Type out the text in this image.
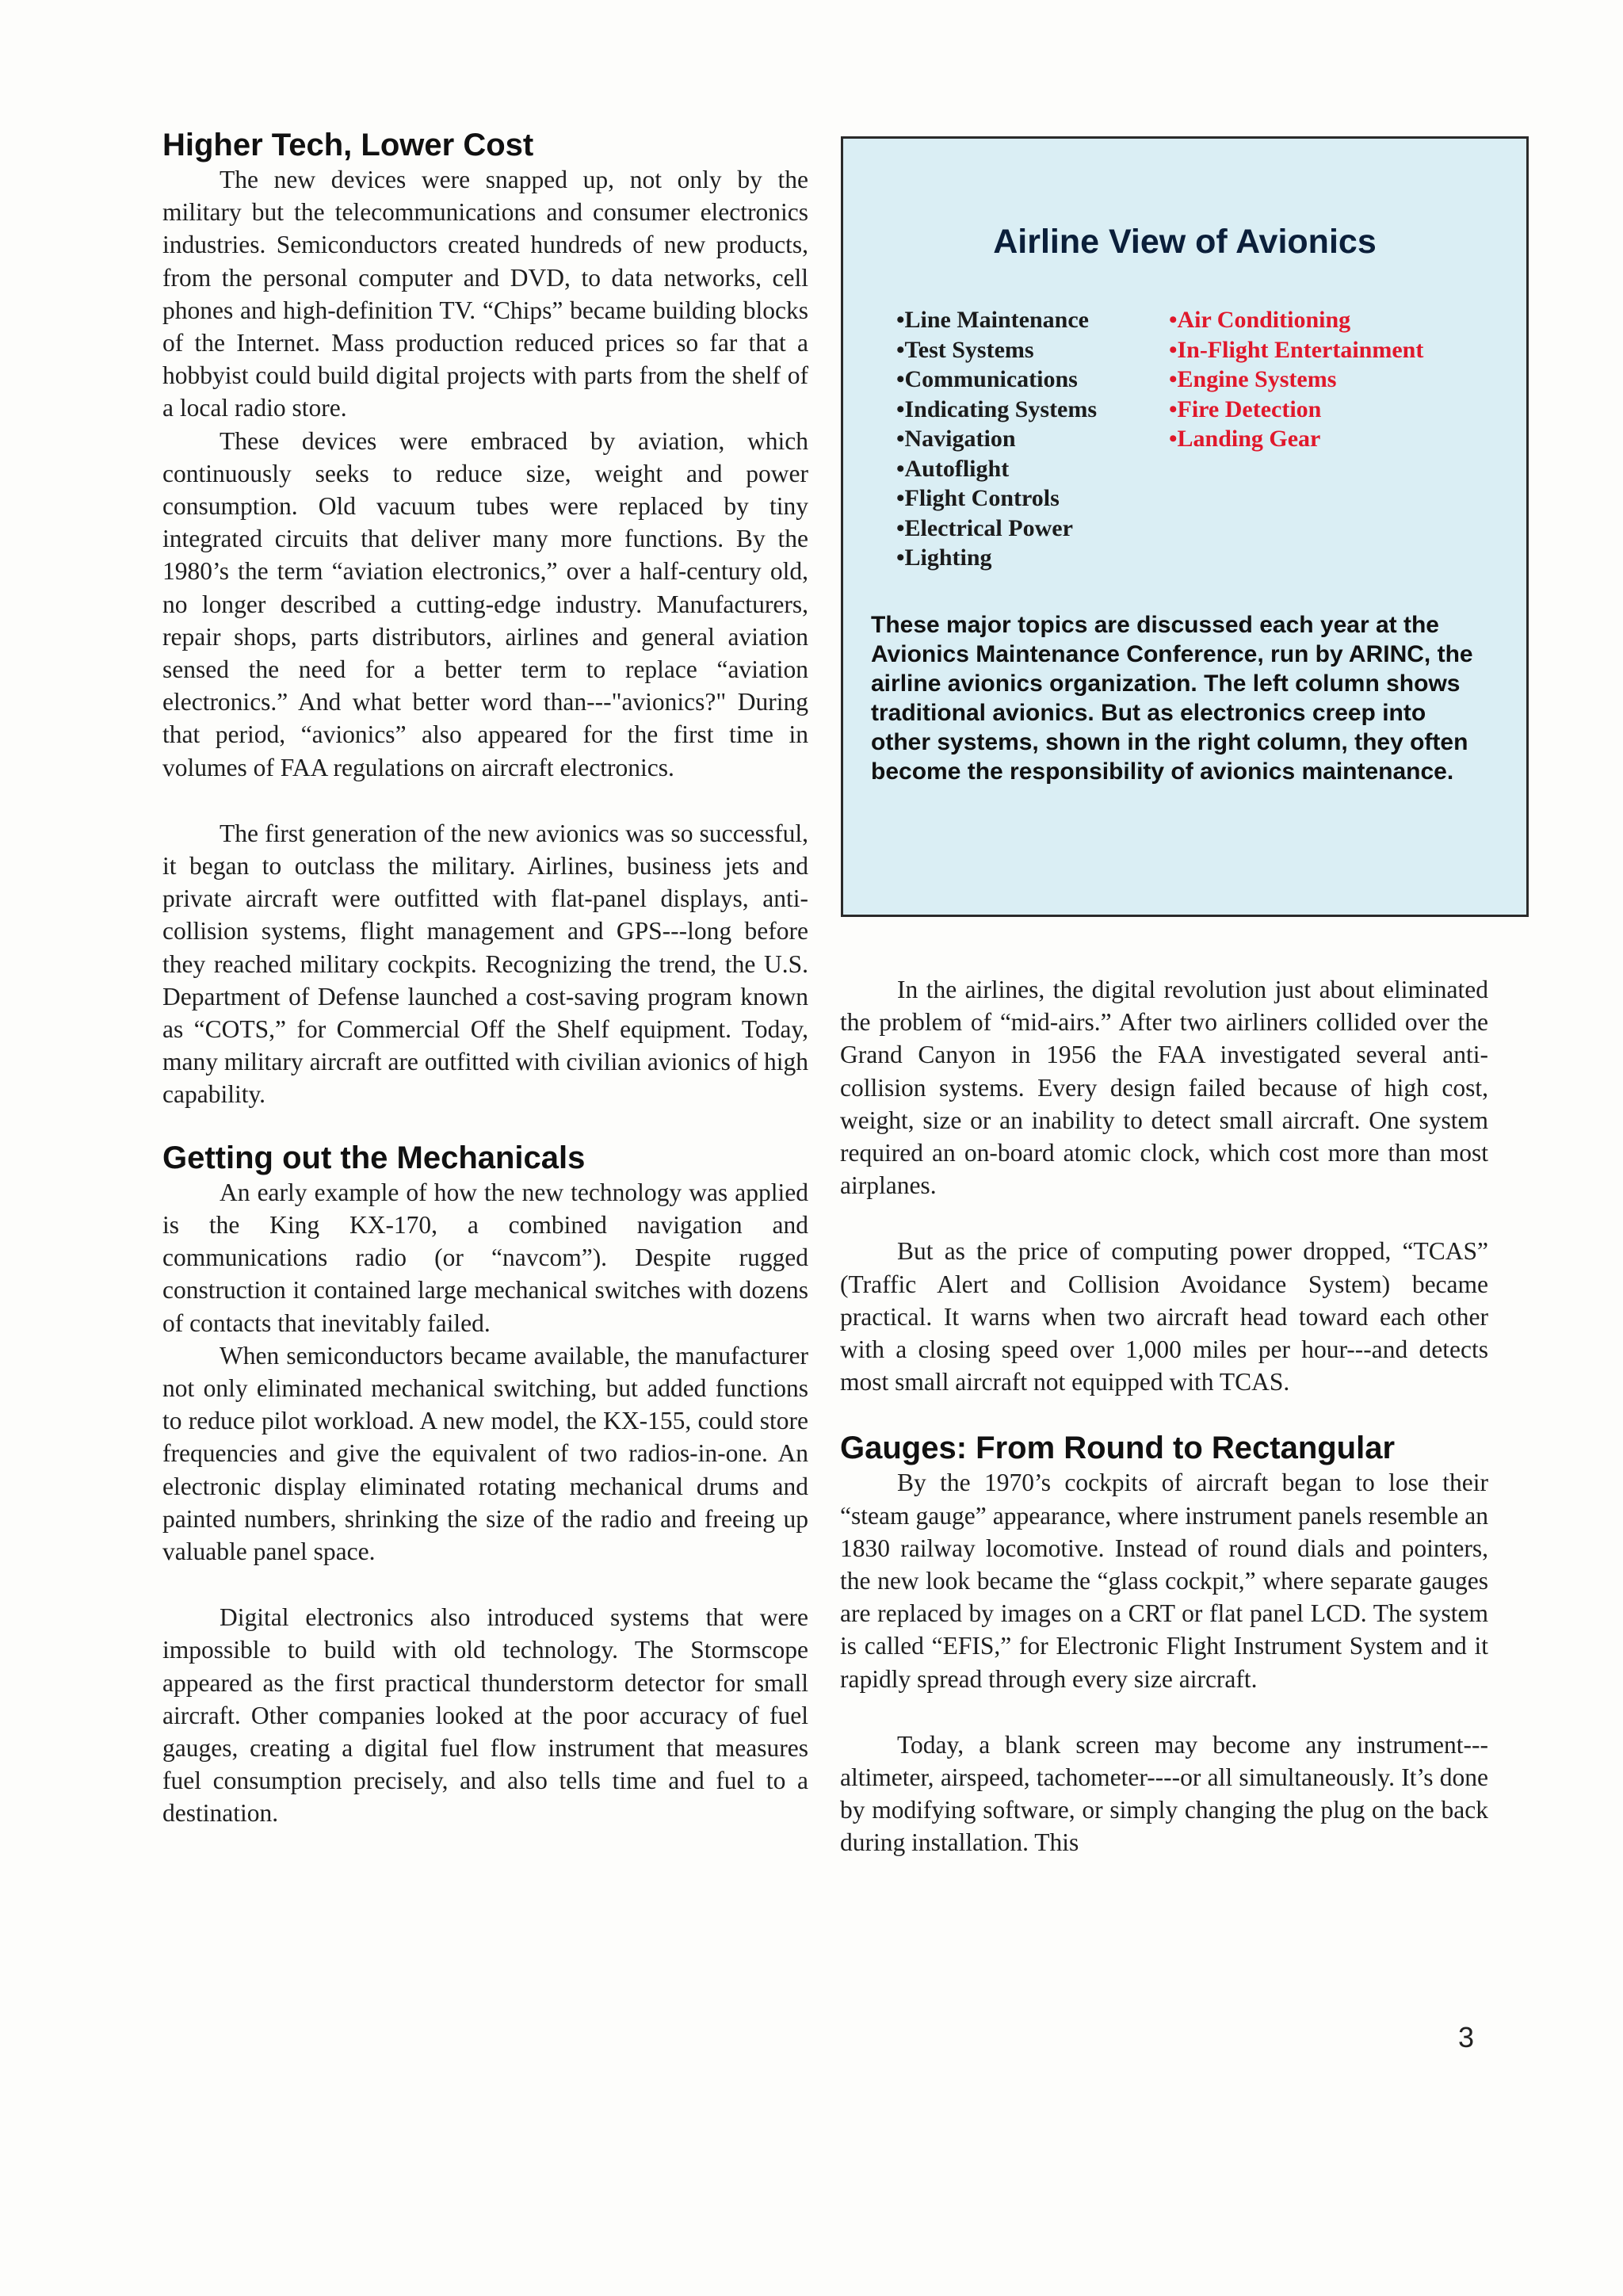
Higher Tech, Lower Cost

The new devices were snapped up, not only by the military but the telecommunications and consumer electronics industries. Semiconductors created hundreds of new products, from the personal computer and DVD, to data networks, cell phones and high-definition TV. “Chips” became building blocks of the Internet. Mass production reduced prices so far that a hobbyist could build digital projects with parts from the shelf of a local radio store.

These devices were embraced by aviation, which continuously seeks to reduce size, weight and power consumption. Old vacuum tubes were replaced by tiny integrated circuits that deliver many more functions. By the 1980’s the term “aviation electronics,” over a half-century old, no longer described a cutting-edge industry. Manufacturers, repair shops, parts distributors, airlines and general aviation sensed the need for a better term to replace “aviation electronics.” And what better word than---"avionics?" During that period, “avionics” also appeared for the first time in volumes of FAA regulations on aircraft electronics.

The first generation of the new avionics was so successful, it began to outclass the military. Airlines, business jets and private aircraft were outfitted with flat-panel displays, anti-collision systems, flight management and GPS---long before they reached military cockpits. Recognizing the trend, the U.S. Department of Defense launched a cost-saving program known as “COTS,” for Commercial Off the Shelf equipment. Today, many military aircraft are outfitted with civilian avionics of high capability.

Getting out the Mechanicals

An early example of how the new technology was applied is the King KX-170, a combined navigation and communications radio (or “navcom”). Despite rugged construction it contained large mechanical switches with dozens of contacts that inevitably failed.

When semiconductors became available, the manufacturer not only eliminated mechanical switching, but added functions to reduce pilot workload. A new model, the KX-155, could store frequencies and give the equivalent of two radios-in-one. An electronic display eliminated rotating mechanical drums and painted numbers, shrinking the size of the radio and freeing up valuable panel space.

Digital electronics also introduced systems that were impossible to build with old technology. The Stormscope appeared as the first practical thunderstorm detector for small aircraft. Other companies looked at the poor accuracy of fuel gauges, creating a digital fuel flow instrument that measures fuel consumption precisely, and also tells time and fuel to a destination.

Airline View of Avionics
•Line Maintenance
•Test Systems
•Communications
•Indicating Systems
•Navigation
•Autoflight
•Flight Controls
•Electrical Power
•Lighting
•Air Conditioning
•In-Flight Entertainment
•Engine Systems
•Fire Detection
•Landing Gear
These major topics are discussed each year at the Avionics Maintenance Conference, run by ARINC, the airline avionics organization. The left column shows traditional avionics. But as electronics creep into other systems, shown in the right column, they often become the responsibility of avionics maintenance.

In the airlines, the digital revolution just about eliminated the problem of “mid-airs.” After two airliners collided over the Grand Canyon in 1956 the FAA investigated several anti-collision systems. Every design failed because of high cost, weight, size or an inability to detect small aircraft. One system required an on-board atomic clock, which cost more than most airplanes.

But as the price of computing power dropped, “TCAS” (Traffic Alert and Collision Avoidance System) became practical. It warns when two aircraft head toward each other with a closing speed over 1,000 miles per hour---and detects most small aircraft not equipped with TCAS.

Gauges: From Round to Rectangular

By the 1970’s cockpits of aircraft began to lose their “steam gauge” appearance, where instrument panels resemble an 1830 railway locomotive. Instead of round dials and pointers, the new look became the “glass cockpit,” where separate gauges are replaced by images on a CRT or flat panel LCD. The system is called “EFIS,” for Electronic Flight Instrument System and it rapidly spread through every size aircraft.

Today, a blank screen may become any instrument---altimeter, airspeed, tachometer----or all simultaneously. It’s done by modifying software, or simply changing the plug on the back during installation. This

3
